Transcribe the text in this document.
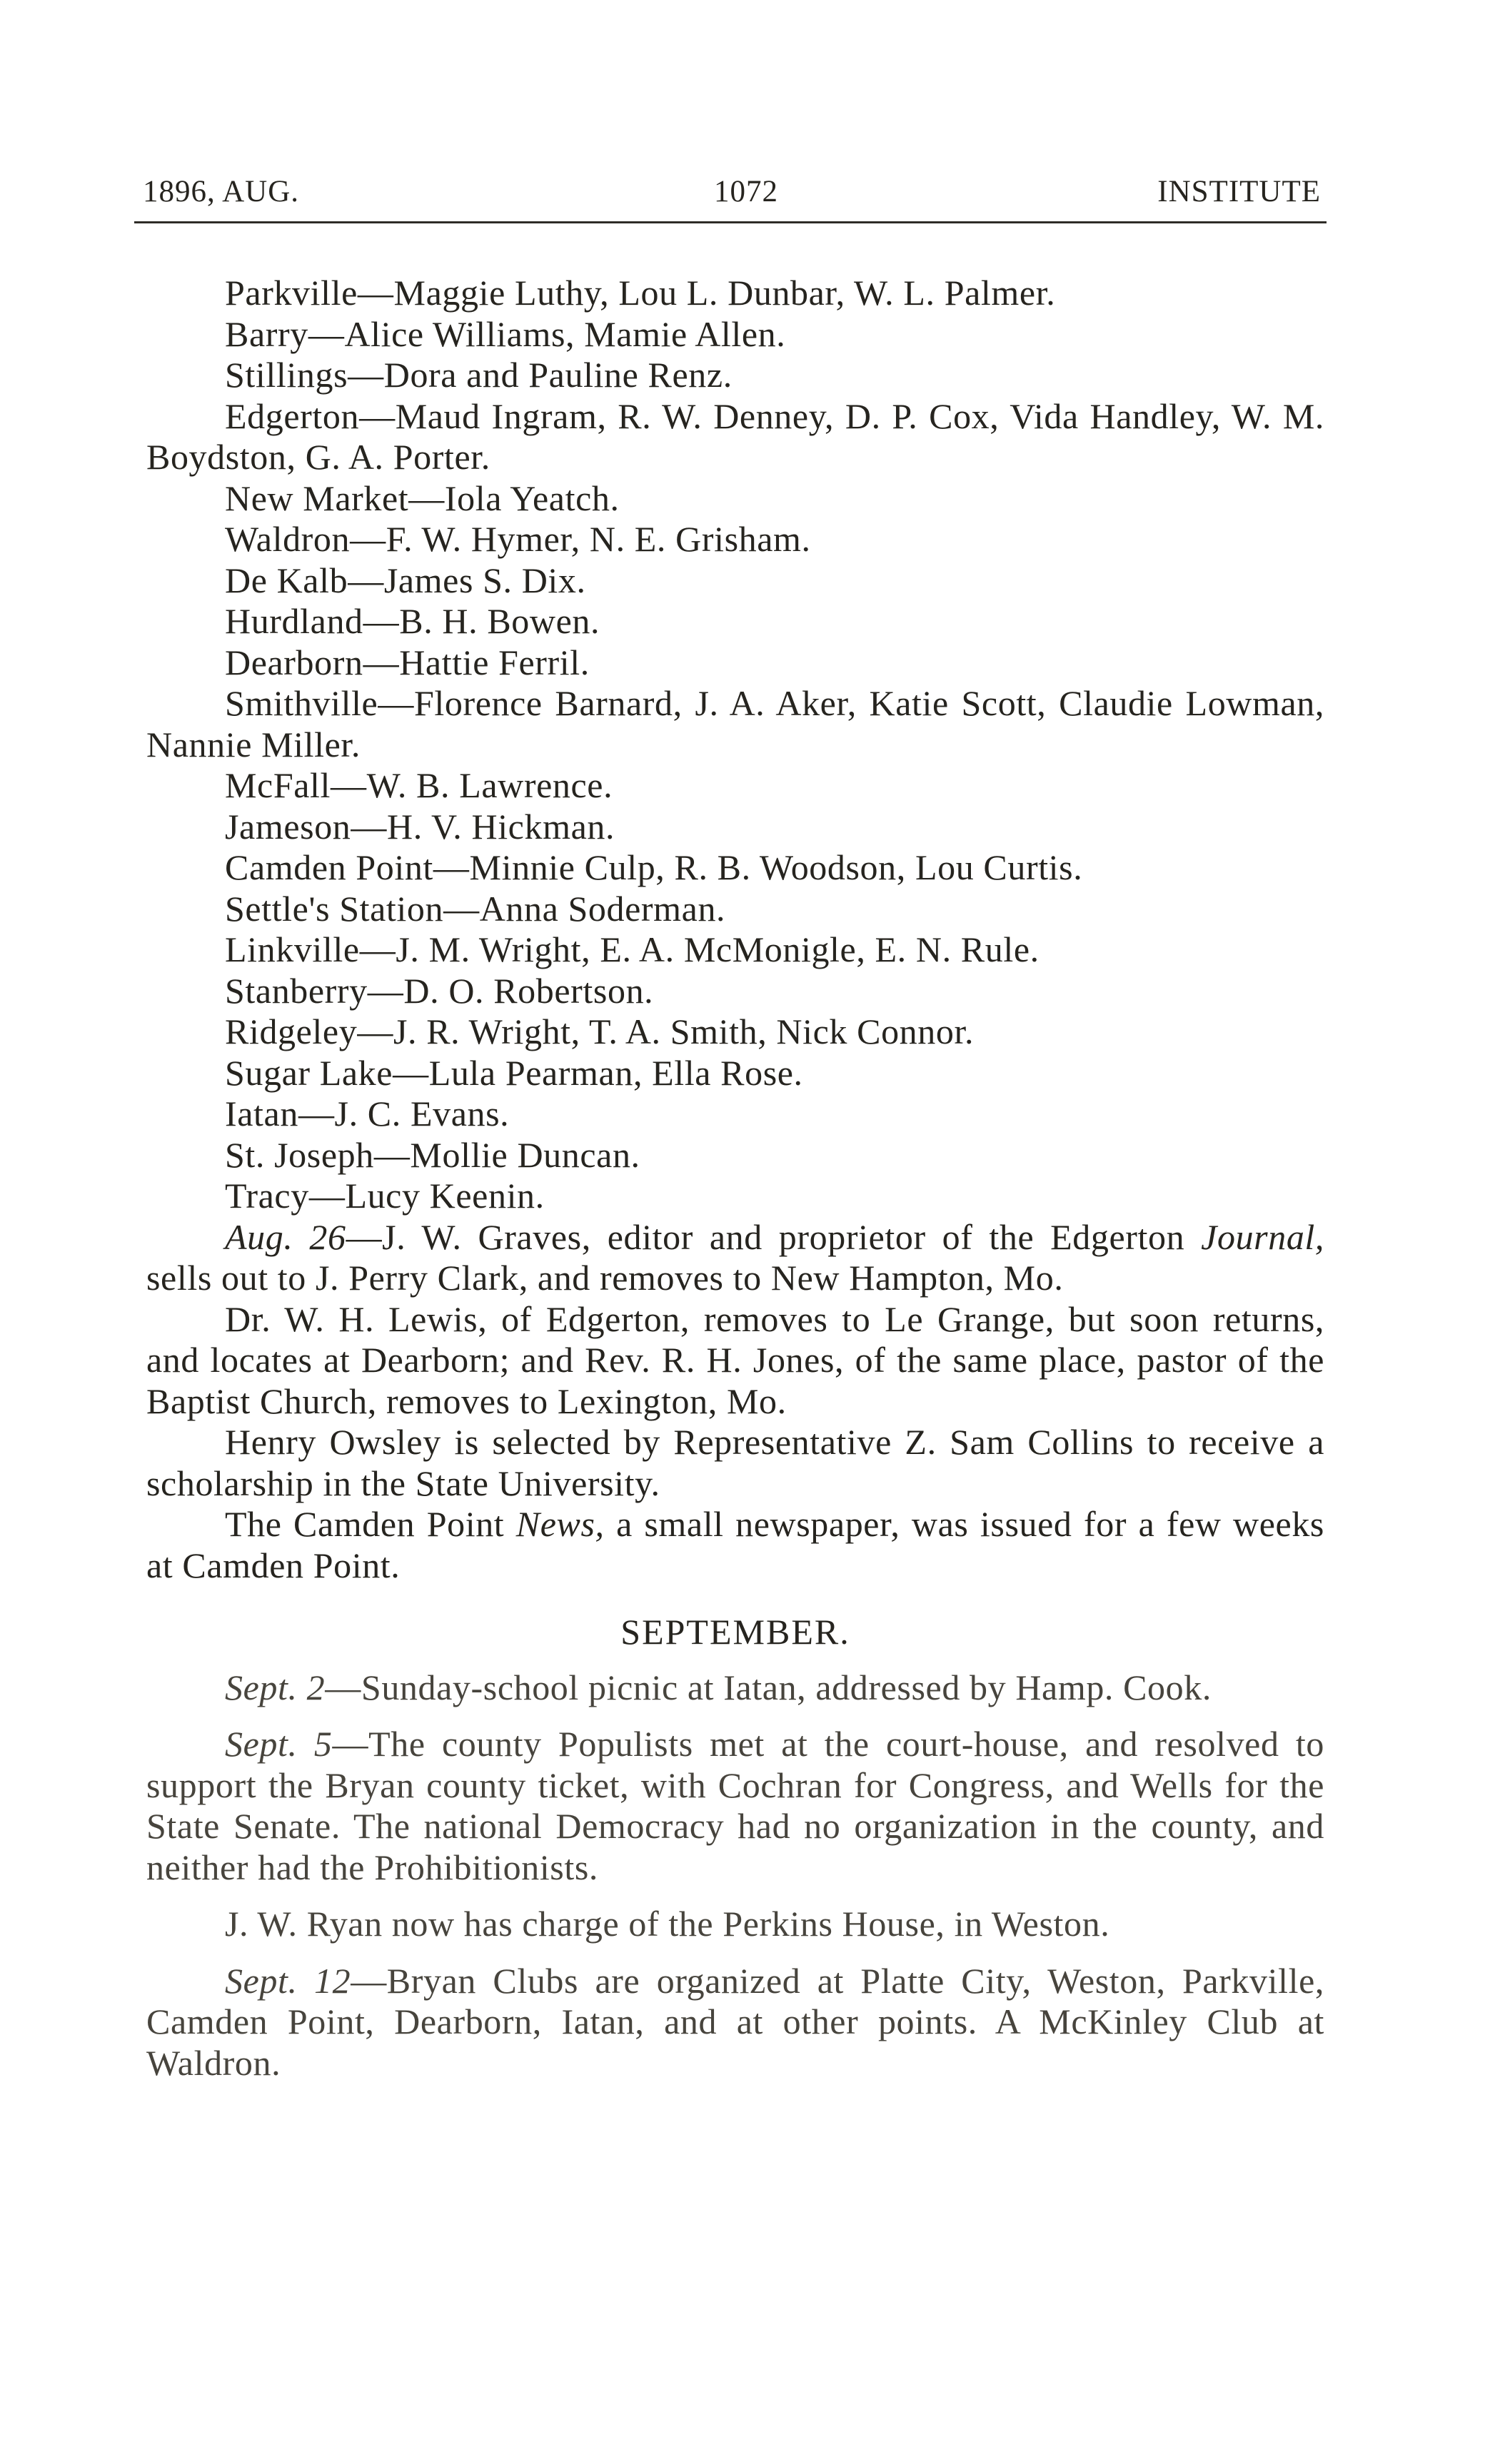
1896, AUG.	1072	INSTITUTE

Parkville—Maggie Luthy, Lou L. Dunbar, W. L. Palmer.

Barry—Alice Williams, Mamie Allen.

Stillings—Dora and Pauline Renz.

Edgerton—Maud Ingram, R. W. Denney, D. P. Cox, Vida Handley, W. M. Boydston, G. A. Porter.

New Market—Iola Yeatch.

Waldron—F. W. Hymer, N. E. Grisham.

De Kalb—James S. Dix.

Hurdland—B. H. Bowen.

Dearborn—Hattie Ferril.

Smithville—Florence Barnard, J. A. Aker, Katie Scott, Claudie Lowman, Nannie Miller.

McFall—W. B. Lawrence.

Jameson—H. V. Hickman.

Camden Point—Minnie Culp, R. B. Woodson, Lou Curtis.

Settle's Station—Anna Soderman.

Linkville—J. M. Wright, E. A. McMonigle, E. N. Rule.

Stanberry—D. O. Robertson.

Ridgeley—J. R. Wright, T. A. Smith, Nick Connor.

Sugar Lake—Lula Pearman, Ella Rose.

Iatan—J. C. Evans.

St. Joseph—Mollie Duncan.

Tracy—Lucy Keenin.

Aug. 26—J. W. Graves, editor and proprietor of the Edgerton Journal, sells out to J. Perry Clark, and removes to New Hampton, Mo.

Dr. W. H. Lewis, of Edgerton, removes to Le Grange, but soon returns, and locates at Dearborn; and Rev. R. H. Jones, of the same place, pastor of the Baptist Church, removes to Lexington, Mo.

Henry Owsley is selected by Representative Z. Sam Collins to receive a scholarship in the State University.

The Camden Point News, a small newspaper, was issued for a few weeks at Camden Point.

SEPTEMBER.

Sept. 2—Sunday-school picnic at Iatan, addressed by Hamp. Cook.

Sept. 5—The county Populists met at the court-house, and resolved to support the Bryan county ticket, with Cochran for Congress, and Wells for the State Senate. The national Democracy had no organization in the county, and neither had the Prohibitionists.

J. W. Ryan now has charge of the Perkins House, in Weston.

Sept. 12—Bryan Clubs are organized at Platte City, Weston, Parkville, Camden Point, Dearborn, Iatan, and at other points. A McKinley Club at Waldron.
